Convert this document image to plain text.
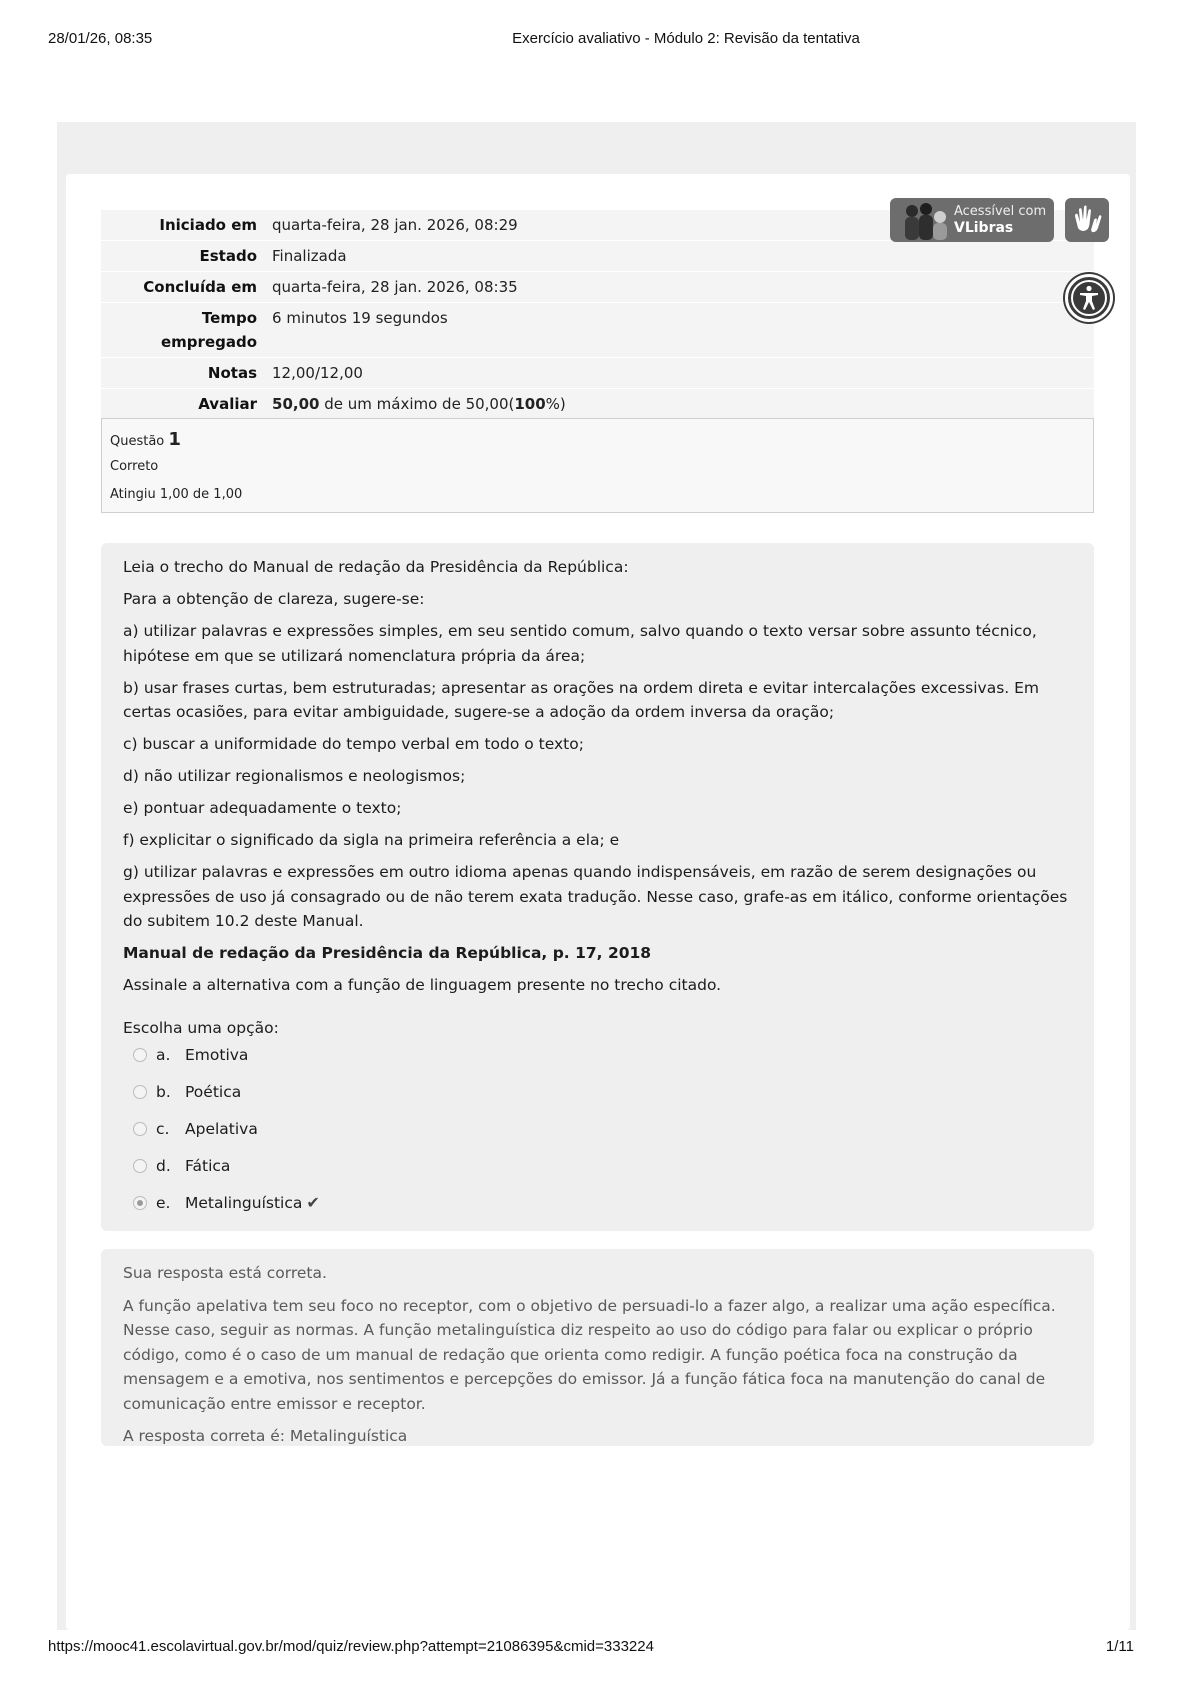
28/01/26, 08:35	Exercício avaliativo - Módulo 2: Revisão da tentativa
Iniciado em	quarta-feira, 28 jan. 2026, 08:29
Estado	Finalizada
Concluída em	quarta-feira, 28 jan. 2026, 08:35
Tempo empregado	6 minutos 19 segundos
Notas	12,00/12,00
Avaliar	50,00 de um máximo de 50,00(100%)
Acessível com
VLibras
Questão 1
Correto
Atingiu 1,00 de 1,00

Leia o trecho do Manual de redação da Presidência da República:

Para a obtenção de clareza, sugere-se:

a) utilizar palavras e expressões simples, em seu sentido comum, salvo quando o texto versar sobre assunto técnico, hipótese em que se utilizará nomenclatura própria da área;

b) usar frases curtas, bem estruturadas; apresentar as orações na ordem direta e evitar intercalações excessivas. Em certas ocasiões, para evitar ambiguidade, sugere-se a adoção da ordem inversa da oração;

c) buscar a uniformidade do tempo verbal em todo o texto;

d) não utilizar regionalismos e neologismos;

e) pontuar adequadamente o texto;

f) explicitar o significado da sigla na primeira referência a ela; e

g) utilizar palavras e expressões em outro idioma apenas quando indispensáveis, em razão de serem designações ou expressões de uso já consagrado ou de não terem exata tradução. Nesse caso, grafe-as em itálico, conforme orientações do subitem 10.2 deste Manual.

Manual de redação da Presidência da República, p. 17, 2018

Assinale a alternativa com a função de linguagem presente no trecho citado.

Escolha uma opção:
a. Emotiva
b. Poética
c. Apelativa
d. Fática
e. Metalinguística ✔

Sua resposta está correta.

A função apelativa tem seu foco no receptor, com o objetivo de persuadi-lo a fazer algo, a realizar uma ação específica. Nesse caso, seguir as normas. A função metalinguística diz respeito ao uso do código para falar ou explicar o próprio código, como é o caso de um manual de redação que orienta como redigir. A função poética foca na construção da mensagem e a emotiva, nos sentimentos e percepções do emissor. Já a função fática foca na manutenção do canal de comunicação entre emissor e receptor.

A resposta correta é: Metalinguística

https://mooc41.escolavirtual.gov.br/mod/quiz/review.php?attempt=21086395&cmid=333224	1/11
